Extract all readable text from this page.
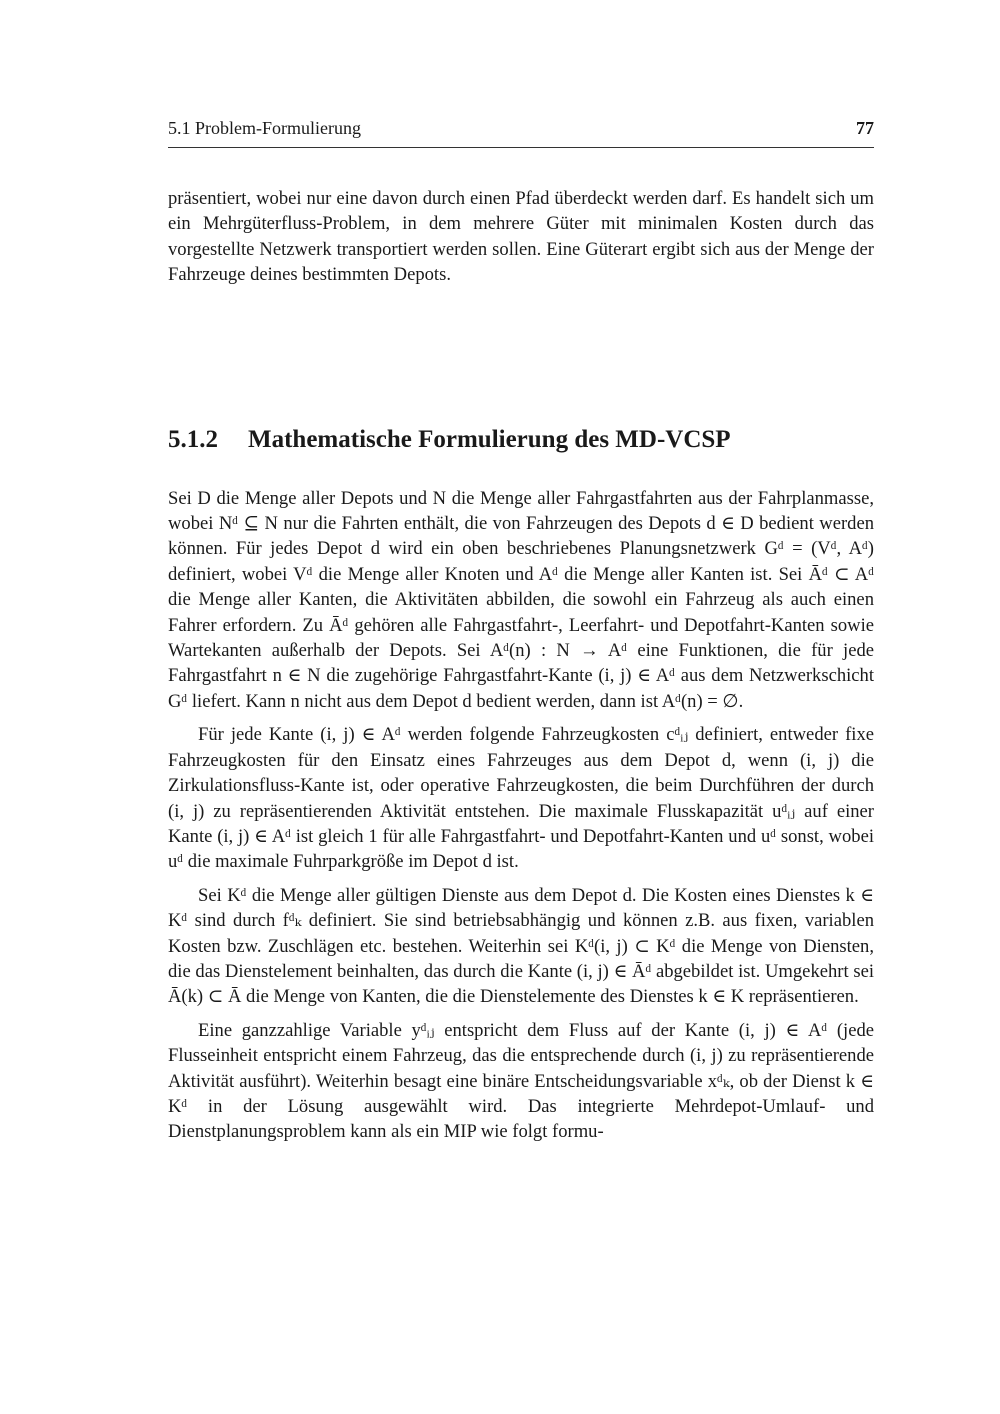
5.1 Problem-Formulierung	77

präsentiert, wobei nur eine davon durch einen Pfad überdeckt werden darf. Es handelt sich um ein Mehrgüterfluss-Problem, in dem mehrere Güter mit minimalen Kosten durch das vorgestellte Netzwerk transportiert werden sollen. Eine Güterart ergibt sich aus der Menge der Fahrzeuge deines bestimmten Depots.

5.1.2	Mathematische Formulierung des MD-VCSP

Sei D die Menge aller Depots und N die Menge aller Fahrgastfahrten aus der Fahrplanmasse, wobei Nᵈ ⊆ N nur die Fahrten enthält, die von Fahrzeugen des Depots d ∈ D bedient werden können. Für jedes Depot d wird ein oben beschriebenes Planungsnetzwerk Gᵈ = (Vᵈ, Aᵈ) definiert, wobei Vᵈ die Menge aller Knoten und Aᵈ die Menge aller Kanten ist. Sei Āᵈ ⊂ Aᵈ die Menge aller Kanten, die Aktivitäten abbilden, die sowohl ein Fahrzeug als auch einen Fahrer erfordern. Zu Āᵈ gehören alle Fahrgastfahrt-, Leerfahrt- und Depotfahrt-Kanten sowie Wartekanten außerhalb der Depots. Sei Aᵈ(n) : N → Aᵈ eine Funktionen, die für jede Fahrgastfahrt n ∈ N die zugehörige Fahrgastfahrt-Kante (i, j) ∈ Aᵈ aus dem Netzwerkschicht Gᵈ liefert. Kann n nicht aus dem Depot d bedient werden, dann ist Aᵈ(n) = ∅.

Für jede Kante (i, j) ∈ Aᵈ werden folgende Fahrzeugkosten cᵈᵢⱼ definiert, entweder fixe Fahrzeugkosten für den Einsatz eines Fahrzeuges aus dem Depot d, wenn (i, j) die Zirkulationsfluss-Kante ist, oder operative Fahrzeugkosten, die beim Durchführen der durch (i, j) zu repräsentierenden Aktivität entstehen. Die maximale Flusskapazität uᵈᵢⱼ auf einer Kante (i, j) ∈ Aᵈ ist gleich 1 für alle Fahrgastfahrt- und Depotfahrt-Kanten und uᵈ sonst, wobei uᵈ die maximale Fuhrparkgröße im Depot d ist.

Sei Kᵈ die Menge aller gültigen Dienste aus dem Depot d. Die Kosten eines Dienstes k ∈ Kᵈ sind durch fᵈₖ definiert. Sie sind betriebsabhängig und können z.B. aus fixen, variablen Kosten bzw. Zuschlägen etc. bestehen. Weiterhin sei Kᵈ(i, j) ⊂ Kᵈ die Menge von Diensten, die das Dienstelement beinhalten, das durch die Kante (i, j) ∈ Āᵈ abgebildet ist. Umgekehrt sei Ā(k) ⊂ Ā die Menge von Kanten, die die Dienstelemente des Dienstes k ∈ K repräsentieren.

Eine ganzzahlige Variable yᵈᵢⱼ entspricht dem Fluss auf der Kante (i, j) ∈ Aᵈ (jede Flusseinheit entspricht einem Fahrzeug, das die entsprechende durch (i, j) zu repräsentierende Aktivität ausführt). Weiterhin besagt eine binäre Entscheidungsvariable xᵈₖ, ob der Dienst k ∈ Kᵈ in der Lösung ausgewählt wird. Das integrierte Mehrdepot-Umlauf- und Dienstplanungsproblem kann als ein MIP wie folgt formu-
